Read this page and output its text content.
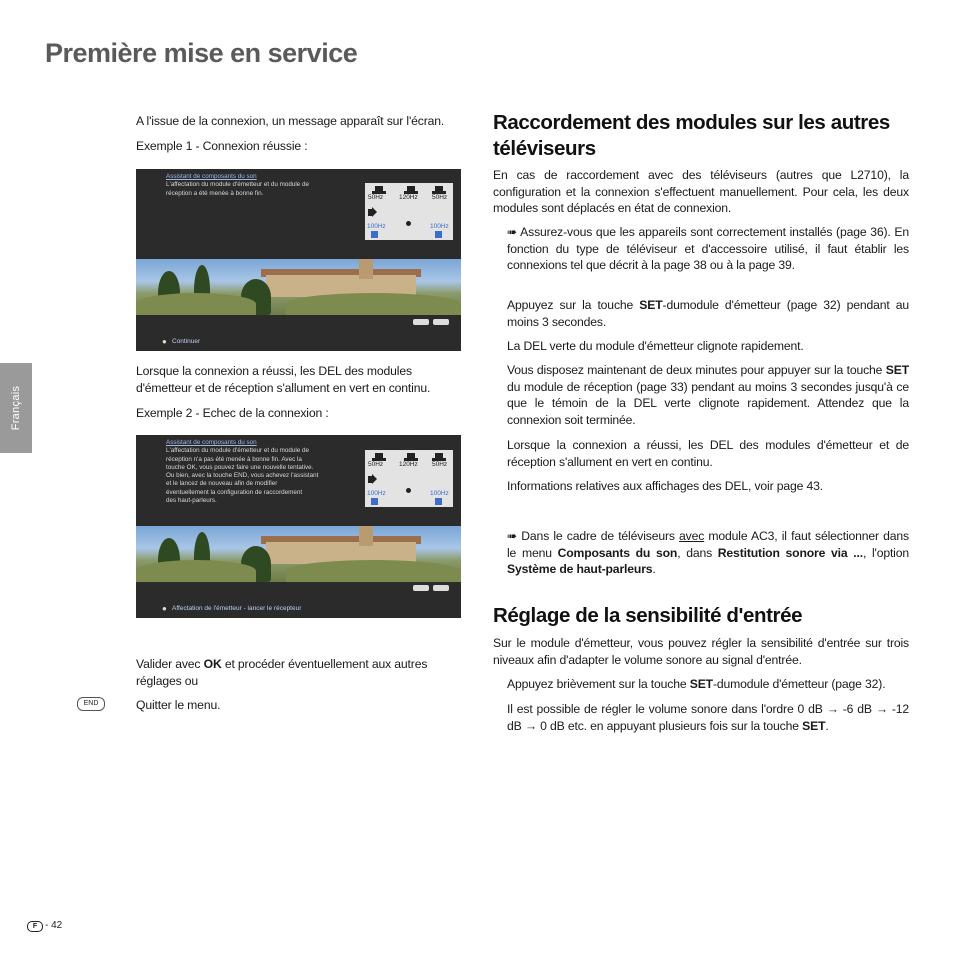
Première mise en service
Français
A l'issue de la connexion, un message apparaît sur l'écran.
Exemple 1 - Connexion réussie :
Assistant de composants du son
L'affectation du module d'émetteur et du module de
réception a été menée à bonne fin.
50Hz 120Hz 50Hz
100Hz	100Hz
● Continuer
Lorsque la connexion a réussi, les DEL des modules d'émetteur et de réception s'allument en vert en continu.
Exemple 2 - Echec de la connexion :
Assistant de composants du son
L'affectation du module d'émetteur et du module de
réception n'a pas été menée à bonne fin. Avec la
touche OK, vous pouvez faire une nouvelle tentative.
Ou bien, avec la touche END, vous achevez l'assistant
et le lancez de nouveau afin de modifier
éventuellement la configuration de raccordement
des haut-parleurs.
50Hz 120Hz 50Hz
100Hz	100Hz
● Affectation de l'émetteur - lancer le récepteur
Valider avec OK et procéder éventuellement aux autres réglages ou
END	Quitter le menu.
Raccordement des modules sur les autres téléviseurs
En cas de raccordement avec des téléviseurs (autres que L2710), la configuration et la connexion s'effectuent manuellement. Pour cela, les deux modules sont déplacés en état de connexion.
➠ Assurez-vous que les appareils sont correctement installés (page 36). En fonction du type de téléviseur et d'accessoire utilisé, il faut établir les connexions tel que décrit à la page 38 ou à la page 39.
Appuyez sur la touche SET-dumodule d'émetteur (page 32) pendant au moins 3 secondes.
La DEL verte du module d'émetteur clignote rapidement.
Vous disposez maintenant de deux minutes pour appuyer sur la touche SET du module de réception (page 33) pendant au moins 3 secondes jusqu'à ce que le témoin de la DEL verte clignote rapidement. Attendez que la connexion soit terminée.
Lorsque la connexion a réussi, les DEL des modules d'émetteur et de réception s'allument en vert en continu.
Informations relatives aux affichages des DEL, voir page 43.
➠ Dans le cadre de téléviseurs avec module AC3, il faut sélectionner dans le menu Composants du son, dans Restitution sonore via ..., l'option Système de haut-parleurs.
Réglage de la sensibilité d'entrée
Sur le module d'émetteur, vous pouvez régler la sensibilité d'entrée sur trois niveaux afin d'adapter le volume sonore au signal d'entrée.
Appuyez brièvement sur la touche SET-dumodule d'émetteur (page 32).
Il est possible de régler le volume sonore dans l'ordre 0 dB → -6 dB → -12 dB → 0 dB etc. en appuyant plusieurs fois sur la touche SET.
F - 42
